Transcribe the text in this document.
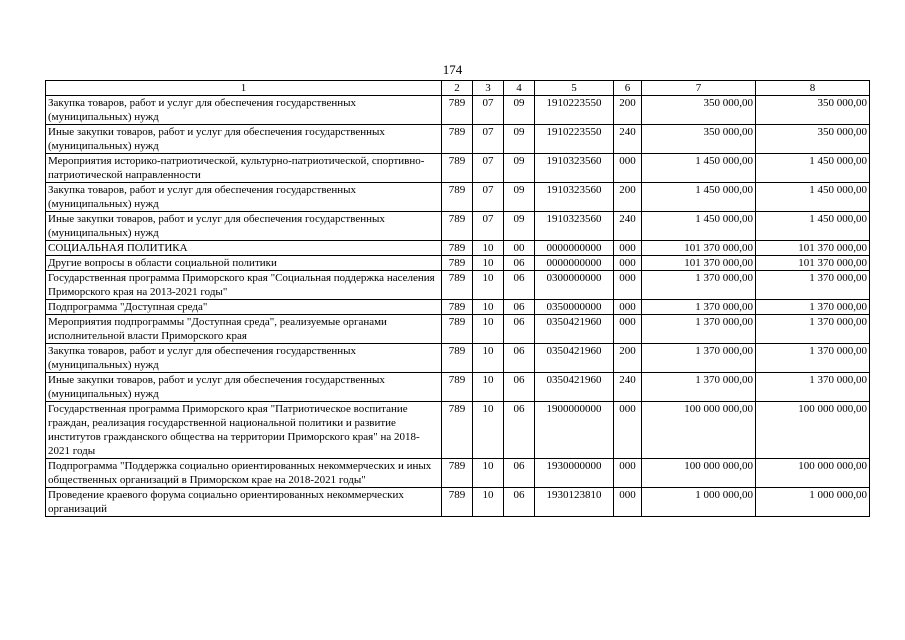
174
1	2	3	4	5	6	7	8
Закупка товаров, работ и услуг для обеспечения государственных (муниципальных) нужд	789	07	09	1910223550	200	350 000,00	350 000,00
Иные закупки товаров, работ и услуг для обеспечения государственных (муниципальных) нужд	789	07	09	1910223550	240	350 000,00	350 000,00
Мероприятия историко-патриотической, культурно-патриотической, спортивно-патриотической направленности	789	07	09	1910323560	000	1 450 000,00	1 450 000,00
Закупка товаров, работ и услуг для обеспечения государственных (муниципальных) нужд	789	07	09	1910323560	200	1 450 000,00	1 450 000,00
Иные закупки товаров, работ и услуг для обеспечения государственных (муниципальных) нужд	789	07	09	1910323560	240	1 450 000,00	1 450 000,00
СОЦИАЛЬНАЯ ПОЛИТИКА	789	10	00	0000000000	000	101 370 000,00	101 370 000,00
Другие вопросы в области социальной политики	789	10	06	0000000000	000	101 370 000,00	101 370 000,00
Государственная программа Приморского края "Социальная поддержка населения Приморского края на 2013-2021 годы"	789	10	06	0300000000	000	1 370 000,00	1 370 000,00
Подпрограмма "Доступная среда"	789	10	06	0350000000	000	1 370 000,00	1 370 000,00
Мероприятия подпрограммы "Доступная среда", реализуемые органами исполнительной власти Приморского края	789	10	06	0350421960	000	1 370 000,00	1 370 000,00
Закупка товаров, работ и услуг для обеспечения государственных (муниципальных) нужд	789	10	06	0350421960	200	1 370 000,00	1 370 000,00
Иные закупки товаров, работ и услуг для обеспечения государственных (муниципальных) нужд	789	10	06	0350421960	240	1 370 000,00	1 370 000,00
Государственная программа Приморского края "Патриотическое воспитание граждан, реализация государственной национальной политики и развитие институтов гражданского общества на территории Приморского края" на 2018-2021 годы	789	10	06	1900000000	000	100 000 000,00	100 000 000,00
Подпрограмма "Поддержка социально ориентированных некоммерческих и иных общественных организаций в Приморском крае на 2018-2021 годы"	789	10	06	1930000000	000	100 000 000,00	100 000 000,00
Проведение краевого форума социально ориентированных некоммерческих организаций	789	10	06	1930123810	000	1 000 000,00	1 000 000,00
